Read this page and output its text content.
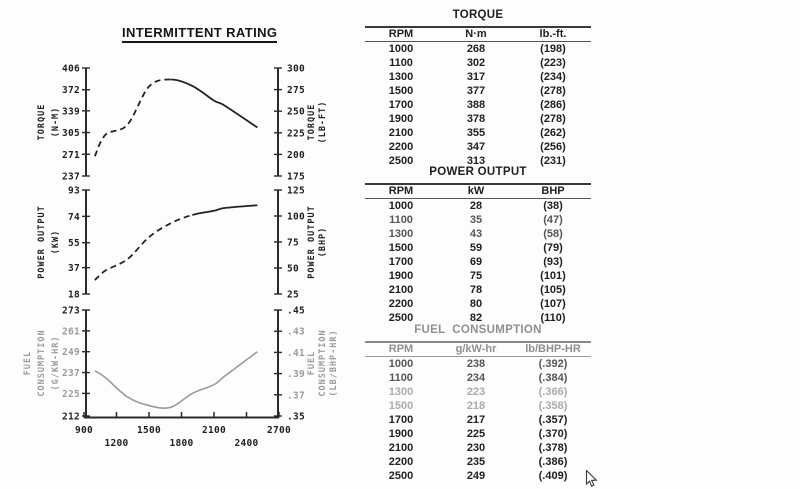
INTERMITTENT RATING
406
372
339
305
271
237
300
275
250
225
200
175
TORQUE (N-M)	TORQUE (LB-FT)
93
74
55
37
18
125
100
75
50
25
POWER OUTPUT (KW)	POWER OUTPUT (BHP)
273
261
249
237
225
212
.45
.43
.41
.39
.37
.35
FUEL CONSUMPTION (G/KW-HR)	FUEL CONSUMPTION (LB/BHP-HR)
900
1200
1500
1800
2100
2400
2700
TORQUE
RPM	N·m	lb.-ft.
1000	268	(198)
1100	302	(223)
1300	317	(234)
1500	377	(278)
1700	388	(286)
1900	378	(278)
2100	355	(262)
2200	347	(256)
2500	313	(231)
POWER OUTPUT
RPM	kW	BHP
1000	28	(38)
1100	35	(47)
1300	43	(58)
1500	59	(79)
1700	69	(93)
1900	75	(101)
2100	78	(105)
2200	80	(107)
2500	82	(110)
FUEL  CONSUMPTION
RPM	g/kW-hr	lb/BHP-HR
1000	238	(.392)
1100	234	(.384)
1300	223	(.366)
1500	218	(.358)
1700	217	(.357)
1900	225	(.370)
2100	230	(.378)
2200	235	(.386)
2500	249	(.409)
